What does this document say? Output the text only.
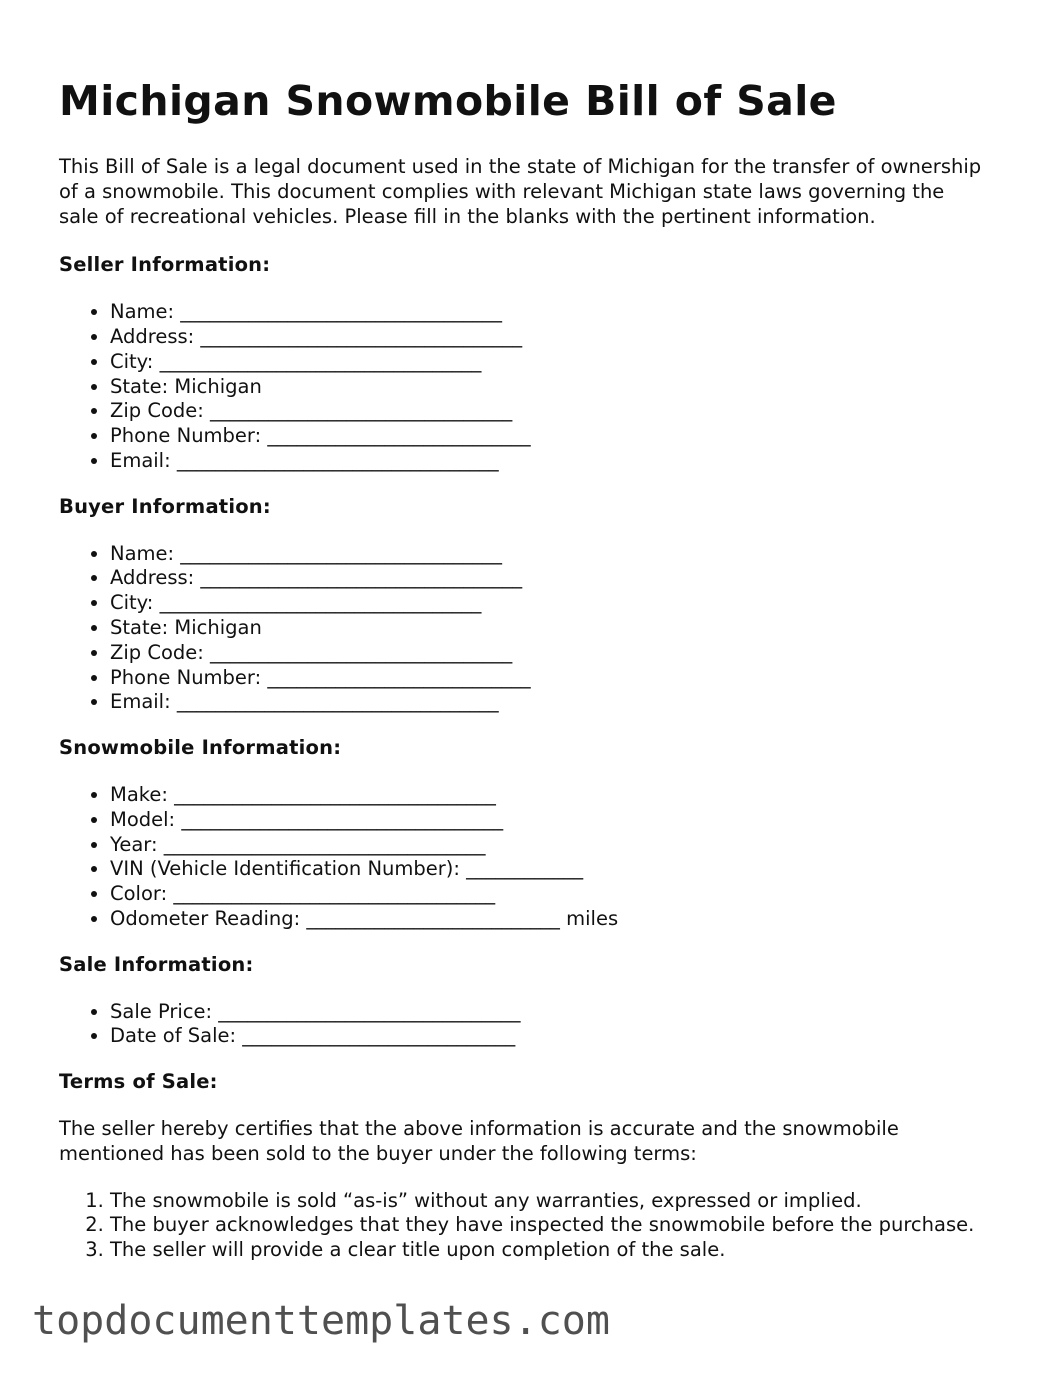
Michigan Snowmobile Bill of Sale

This Bill of Sale is a legal document used in the state of Michigan for the transfer of ownership of a snowmobile. This document complies with relevant Michigan state laws governing the sale of recreational vehicles. Please fill in the blanks with the pertinent information.

Seller Information:
• Name: _________________________________
• Address: _________________________________
• City: _________________________________
• State: Michigan
• Zip Code: _______________________________
• Phone Number: ___________________________
• Email: _________________________________
Buyer Information:
• Name: _________________________________
• Address: _________________________________
• City: _________________________________
• State: Michigan
• Zip Code: _______________________________
• Phone Number: ___________________________
• Email: _________________________________
Snowmobile Information:
• Make: _________________________________
• Model: _________________________________
• Year: _________________________________
• VIN (Vehicle Identification Number): ____________
• Color: _________________________________
• Odometer Reading: __________________________ miles
Sale Information:
• Sale Price: _______________________________
• Date of Sale: ____________________________
Terms of Sale:

The seller hereby certifies that the above information is accurate and the snowmobile mentioned has been sold to the buyer under the following terms:

1. The snowmobile is sold “as-is” without any warranties, expressed or implied.
2. The buyer acknowledges that they have inspected the snowmobile before the purchase.
3. The seller will provide a clear title upon completion of the sale.
topdocumenttemplates.com
